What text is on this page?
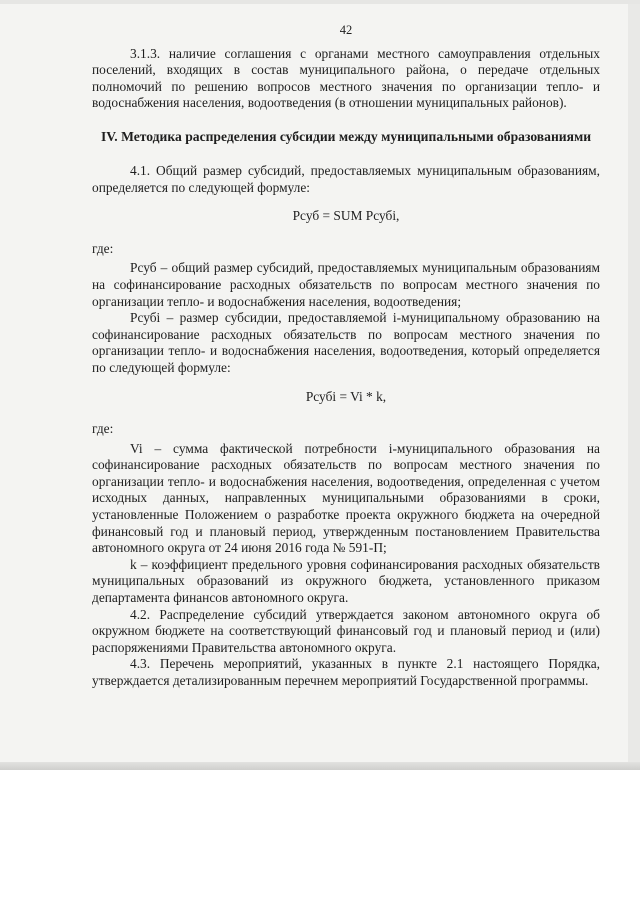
42

3.1.3. наличие соглашения с органами местного самоуправления отдельных поселений, входящих в состав муниципального района, о передаче отдельных полномочий по решению вопросов местного значения по организации тепло- и водоснабжения населения, водоотведения (в отношении муниципальных районов).

IV. Методика распределения субсидии между муниципальными образованиями

4.1. Общий размер субсидий, предоставляемых муниципальным образованиям, определяется по следующей формуле:

Рсуб = SUM Рсубi,

где:

Рсуб – общий размер субсидий, предоставляемых муниципальным образованиям на софинансирование расходных обязательств по вопросам местного значения по организации тепло- и водоснабжения населения, водоотведения;

Рсубi – размер субсидии, предоставляемой i-муниципальному образованию на софинансирование расходных обязательств по вопросам местного значения по организации тепло- и водоснабжения населения, водоотведения, который определяется по следующей формуле:

Рсубi = Vi * k,

где:

Vi – сумма фактической потребности i-муниципального образования на софинансирование расходных обязательств по вопросам местного значения по организации тепло- и водоснабжения населения, водоотведения, определенная с учетом исходных данных, направленных муниципальными образованиями в сроки, установленные Положением о разработке проекта окружного бюджета на очередной финансовый год и плановый период, утвержденным постановлением Правительства автономного округа от 24 июня 2016 года № 591-П;

k – коэффициент предельного уровня софинансирования расходных обязательств муниципальных образований из окружного бюджета, установленного приказом департамента финансов автономного округа.

4.2. Распределение субсидий утверждается законом автономного округа об окружном бюджете на соответствующий финансовый год и плановый период и (или) распоряжениями Правительства автономного округа.

4.3. Перечень мероприятий, указанных в пункте 2.1 настоящего Порядка, утверждается детализированным перечнем мероприятий Государственной программы.
